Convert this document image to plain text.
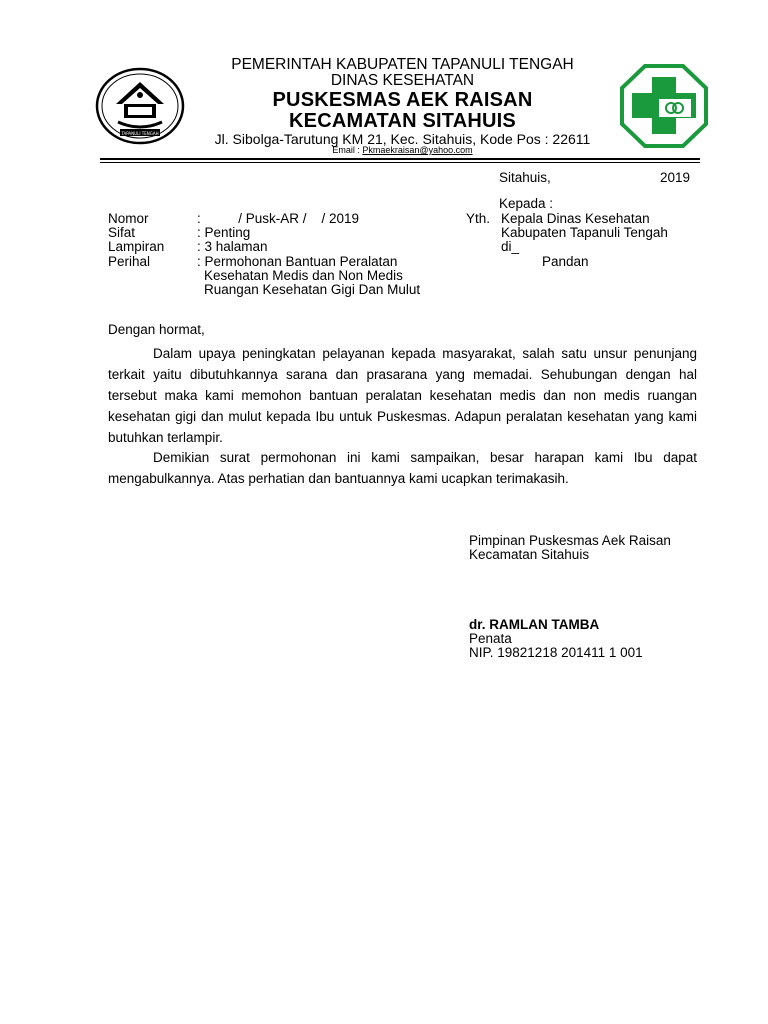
TAPANULI TENGAH
PEMERINTAH KABUPATEN TAPANULI TENGAH
DINAS KESEHATAN
PUSKESMAS AEK RAISAN
KECAMATAN SITAHUIS
Jl. Sibolga-Tarutung KM 21, Kec. Sitahuis, Kode Pos : 22611
Email : Pkmaekraisan@yahoo.com
Sitahuis,	2019
Kepada :
Yth. Kepala Dinas Kesehatan
Kabupaten Tapanuli Tengah
di_
Pandan
Nomor	:          / Pusk-AR /    / 2019
Sifat	: Penting
Lampiran : 3 halaman
Perihal	: Permohonan Bantuan Peralatan
Kesehatan Medis dan Non Medis
Ruangan Kesehatan Gigi Dan Mulut
Dengan hormat,
Dalam upaya peningkatan pelayanan kepada masyarakat, salah satu unsur penunjang terkait yaitu dibutuhkannya sarana dan prasarana yang memadai. Sehubungan dengan hal tersebut maka kami memohon bantuan peralatan kesehatan medis dan non medis ruangan kesehatan gigi dan mulut kepada Ibu untuk Puskesmas. Adapun peralatan kesehatan yang kami butuhkan terlampir.
Demikian surat permohonan ini kami sampaikan, besar harapan kami Ibu dapat mengabulkannya. Atas perhatian dan bantuannya kami ucapkan terimakasih.
Pimpinan Puskesmas Aek Raisan
Kecamatan Sitahuis
dr. RAMLAN TAMBA
Penata
NIP. 19821218 201411 1 001
